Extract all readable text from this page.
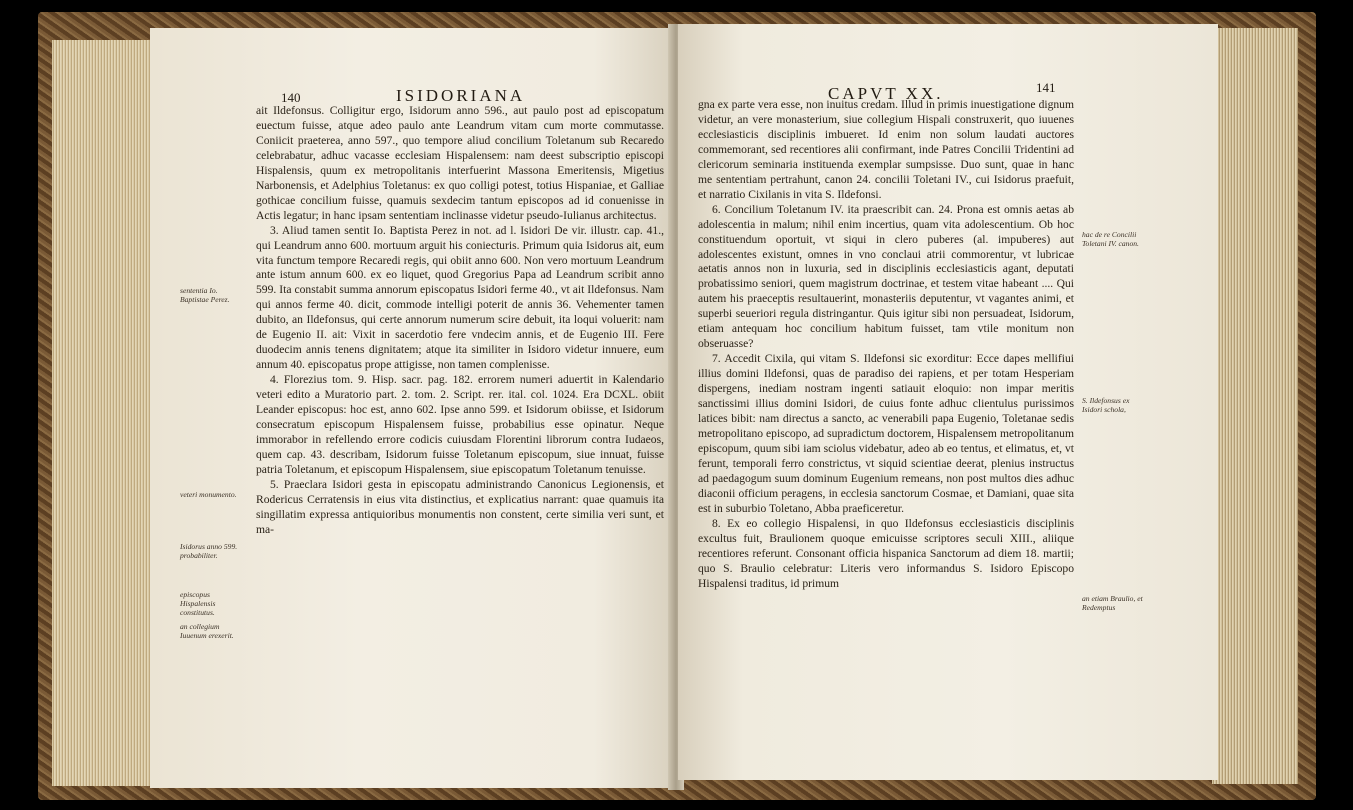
140	ISIDORIANA

ait Ildefonsus. Colligitur ergo, Isidorum anno 596., aut paulo post ad episcopatum euectum fuisse, atque adeo paulo ante Leandrum vitam cum morte commutasse. Coniicit praeterea, anno 597., quo tempore aliud concilium Toletanum sub Recaredo celebrabatur, adhuc vacasse ecclesiam Hispalensem: nam deest subscriptio episcopi Hispalensis, quum ex metropolitanis interfuerint Massona Emeritensis, Migetius Narbonensis, et Adelphius Toletanus: ex quo colligi potest, totius Hispaniae, et Galliae gothicae concilium fuisse, quamuis sexdecim tantum episcopos ad id conuenisse in Actis legatur; in hanc ipsam sententiam inclinasse videtur pseudo-Iulianus architectus.

3. Aliud tamen sentit Io. Baptista Perez in not. ad l. Isidori De vir. illustr. cap. 41., qui Leandrum anno 600. mortuum arguit his coniecturis. Primum quia Isidorus ait, eum vita functum tempore Recaredi regis, qui obiit anno 600. Non vero mortuum Leandrum ante istum annum 600. ex eo liquet, quod Gregorius Papa ad Leandrum scribit anno 599. Ita constabit summa annorum episcopatus Isidori ferme 40., vt ait Ildefonsus. Nam qui annos ferme 40. dicit, commode intelligi poterit de annis 36. Vehementer tamen dubito, an Ildefonsus, qui certe annorum numerum scire debuit, ita loqui voluerit: nam de Eugenio II. ait: Vixit in sacerdotio fere vndecim annis, et de Eugenio III. Fere duodecim annis tenens dignitatem; atque ita similiter in Isidoro videtur innuere, eum annum 40. episcopatus prope attigisse, non tamen complenisse.

4. Florezius tom. 9. Hisp. sacr. pag. 182. errorem numeri aduertit in Kalendario veteri edito a Muratorio part. 2. tom. 2. Script. rer. ital. col. 1024. Era DCXL. obiit Leander episcopus: hoc est, anno 602. Ipse anno 599. et Isidorum obiisse, et Isidorum consecratum episcopum Hispalensem fuisse, probabilius esse opinatur. Neque immorabor in refellendo errore codicis cuiusdam Florentini librorum contra Iudaeos, quem cap. 43. describam, Isidorum fuisse Toletanum episcopum, siue innuat, fuisse patria Toletanum, et episcopum Hispalensem, siue episcopatum Toletanum tenuisse.

5. Praeclara Isidori gesta in episcopatu administrando Canonicus Legionensis, et Rodericus Cerratensis in eius vita distinctius, et explicatius narrant: quae quamuis ita singillatim expressa antiquioribus monumentis non constent, certe similia veri sunt, et ma-

sententia Io. Baptistae Perez.
veteri monumento.
Isidorus anno 599. probabiliter.
episcopus Hispalensis constitutus.
an collegium Iuuenum erexerit.
CAPVT XX.	141

gna ex parte vera esse, non inuitus credam. Illud in primis inuestigatione dignum videtur, an vere monasterium, siue collegium Hispali construxerit, quo iuuenes ecclesiasticis disciplinis imbueret. Id enim non solum laudati auctores commemorant, sed recentiores alii confirmant, inde Patres Concilii Tridentini ad clericorum seminaria instituenda exemplar sumpsisse. Duo sunt, quae in hanc me sententiam pertrahunt, canon 24. concilii Toletani IV., cui Isidorus praefuit, et narratio Cixilanis in vita S. Ildefonsi.

6. Concilium Toletanum IV. ita praescribit can. 24. Prona est omnis aetas ab adolescentia in malum; nihil enim incertius, quam vita adolescentium. Ob hoc constituendum oportuit, vt siqui in clero puberes (al. impuberes) aut adolescentes existunt, omnes in vno conclaui atrii commorentur, vt lubricae aetatis annos non in luxuria, sed in disciplinis ecclesiasticis agant, deputati probatissimo seniori, quem magistrum doctrinae, et testem vitae habeant .... Qui autem his praeceptis resultauerint, monasteriis deputentur, vt vagantes animi, et superbi seueriori regula distringantur. Quis igitur sibi non persuadeat, Isidorum, etiam antequam hoc concilium habitum fuisset, tam vtile monitum non obseruasse?

7. Accedit Cixila, qui vitam S. Ildefonsi sic exorditur: Ecce dapes mellifiui illius domini Ildefonsi, quas de paradiso dei rapiens, et per totam Hesperiam dispergens, inediam nostram ingenti satiauit eloquio: non impar meritis sanctissimi illius domini Isidori, de cuius fonte adhuc clientulus purissimos latices bibit: nam directus a sancto, ac venerabili papa Eugenio, Toletanae sedis metropolitano episcopo, ad supradictum doctorem, Hispalensem metropolitanum episcopum, quum sibi iam sciolus videbatur, adeo ab eo tentus, et elimatus, et, vt ferunt, temporali ferro constrictus, vt siquid scientiae deerat, plenius instructus ad paedagogum suum dominum Eugenium remeans, non post multos dies adhuc diaconii officium peragens, in ecclesia sanctorum Cosmae, et Damiani, quae sita est in suburbio Toletano, Abba praeficeretur.

8. Ex eo collegio Hispalensi, in quo Ildefonsus ecclesiasticis disciplinis excultus fuit, Braulionem quoque emicuisse scriptores seculi XIII., aliique recentiores referunt. Consonant officia hispanica Sanctorum ad diem 18. martii; quo S. Braulio celebratur: Literis vero informandus S. Isidoro Episcopo Hispalensi traditus, id primum

hac de re Concilii Toletani IV. canon.
S. Ildefonsus ex Isidori schola,
an etiam Braulio, et Redemptus
